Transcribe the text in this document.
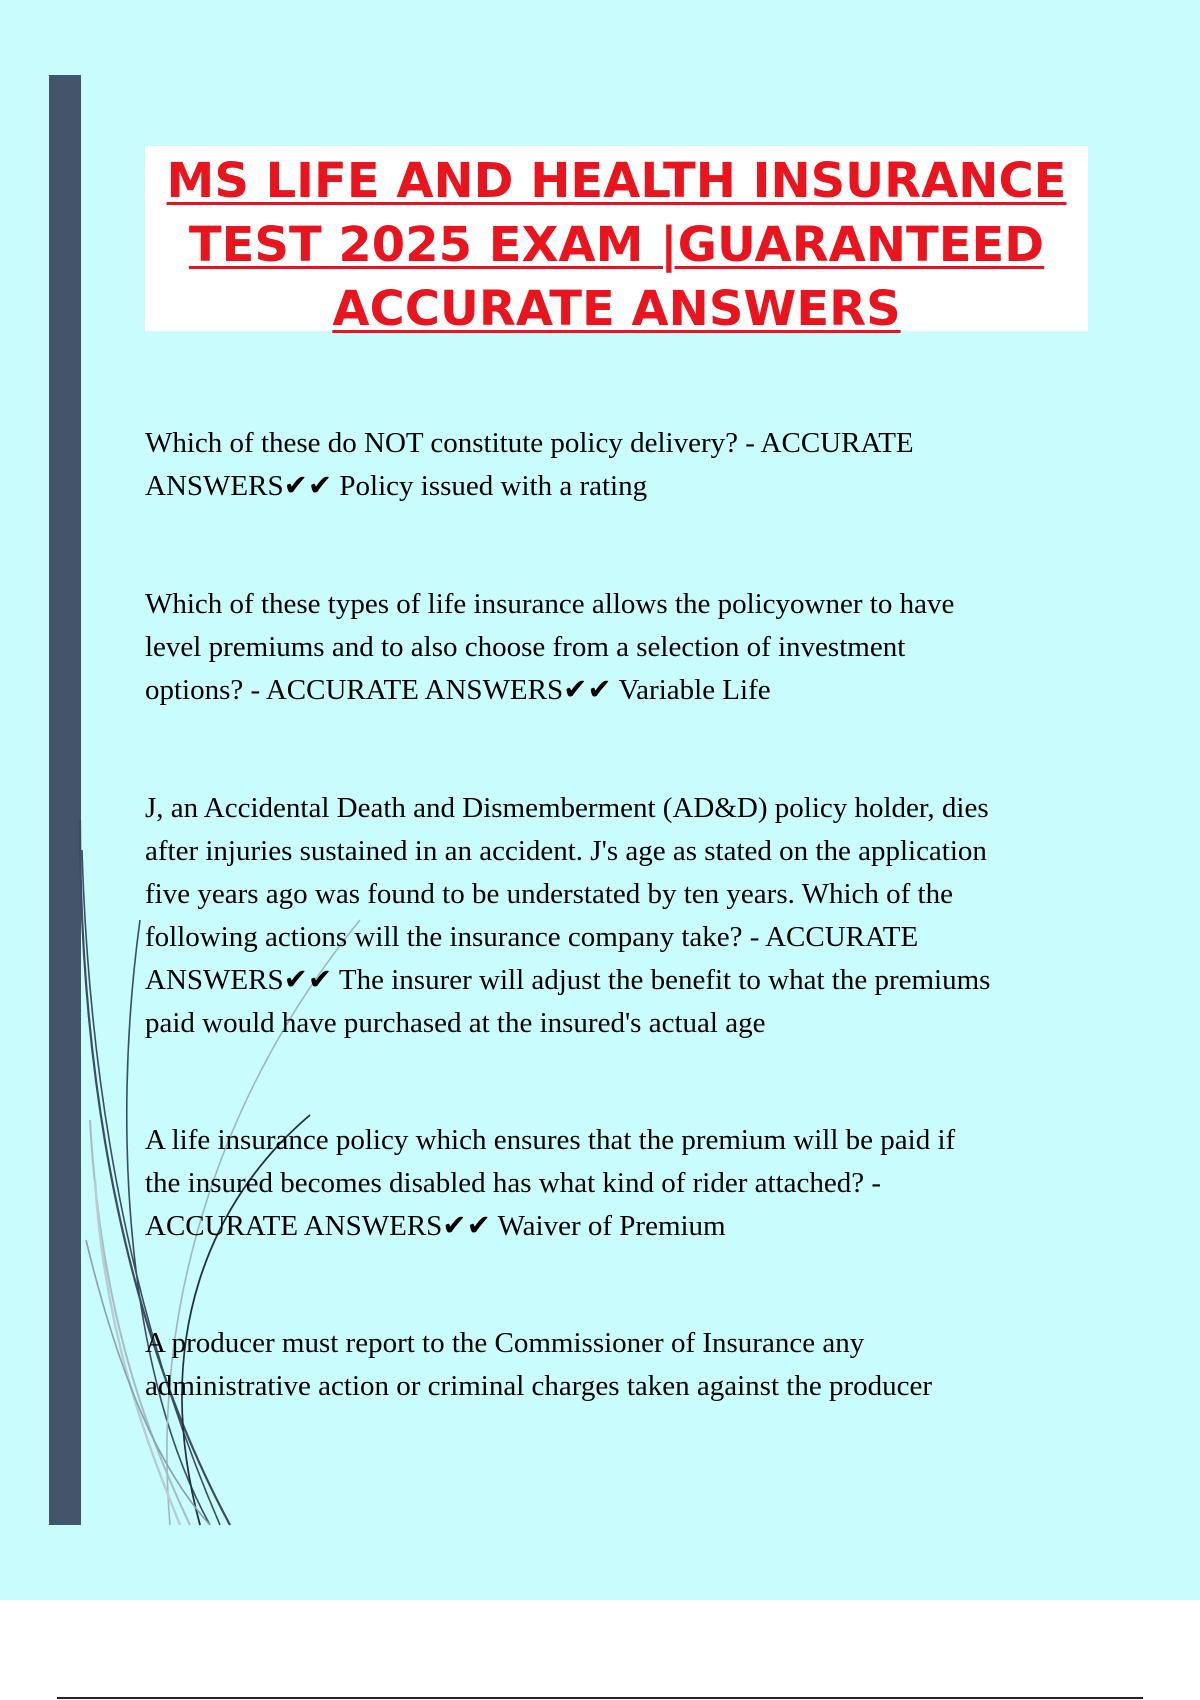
MS LIFE AND HEALTH INSURANCE
TEST 2025 EXAM |GUARANTEED
ACCURATE ANSWERS

Which of these do NOT constitute policy delivery? - ACCURATE
ANSWERS✔✔ Policy issued with a rating

Which of these types of life insurance allows the policyowner to have
level premiums and to also choose from a selection of investment
options? - ACCURATE ANSWERS✔✔ Variable Life

J, an Accidental Death and Dismemberment (AD&D) policy holder, dies
after injuries sustained in an accident. J's age as stated on the application
five years ago was found to be understated by ten years. Which of the
following actions will the insurance company take? - ACCURATE
ANSWERS✔✔ The insurer will adjust the benefit to what the premiums
paid would have purchased at the insured's actual age

A life insurance policy which ensures that the premium will be paid if
the insured becomes disabled has what kind of rider attached? -
ACCURATE ANSWERS✔✔ Waiver of Premium

A producer must report to the Commissioner of Insurance any
administrative action or criminal charges taken against the producer
